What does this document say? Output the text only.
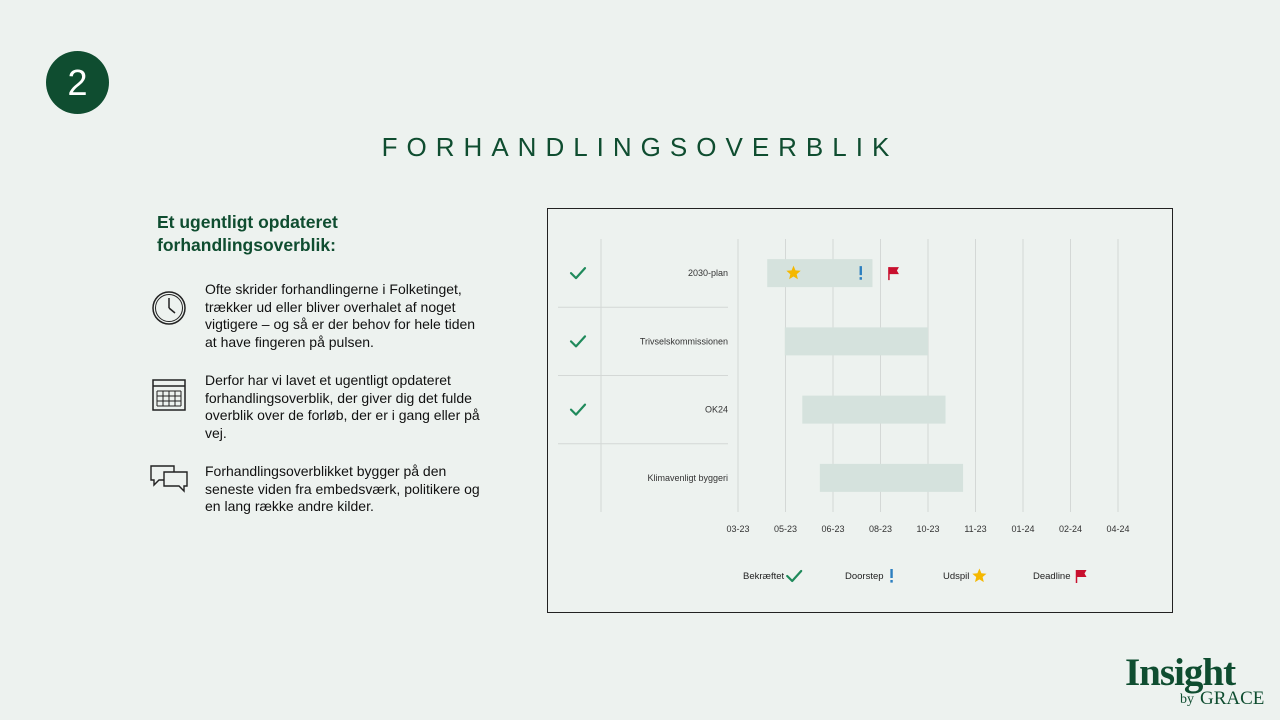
2
FORHANDLINGSOVERBLIK
Et ugentligt opdateret forhandlingsoverblik:
Ofte skrider forhandlingerne i Folketinget, trækker ud eller bliver overhalet af noget vigtigere – og så er der behov for hele tiden at have fingeren på pulsen.
Derfor har vi lavet et ugentligt opdateret forhandlingsoverblik, der giver dig det fulde overblik over de forløb, der er i gang eller på vej.
Forhandlingsoverblikket bygger på den seneste viden fra embedsværk, politikere og en lang række andre kilder.
03-23	05-23	06-23	08-23	10-23	11-23	01-24	02-24	04-24
2030-plan
Trivselskommissionen
OK24
Klimavenligt byggeri
Bekræftet	Doorstep	Udspil	Deadline
Insight
by GRACE
